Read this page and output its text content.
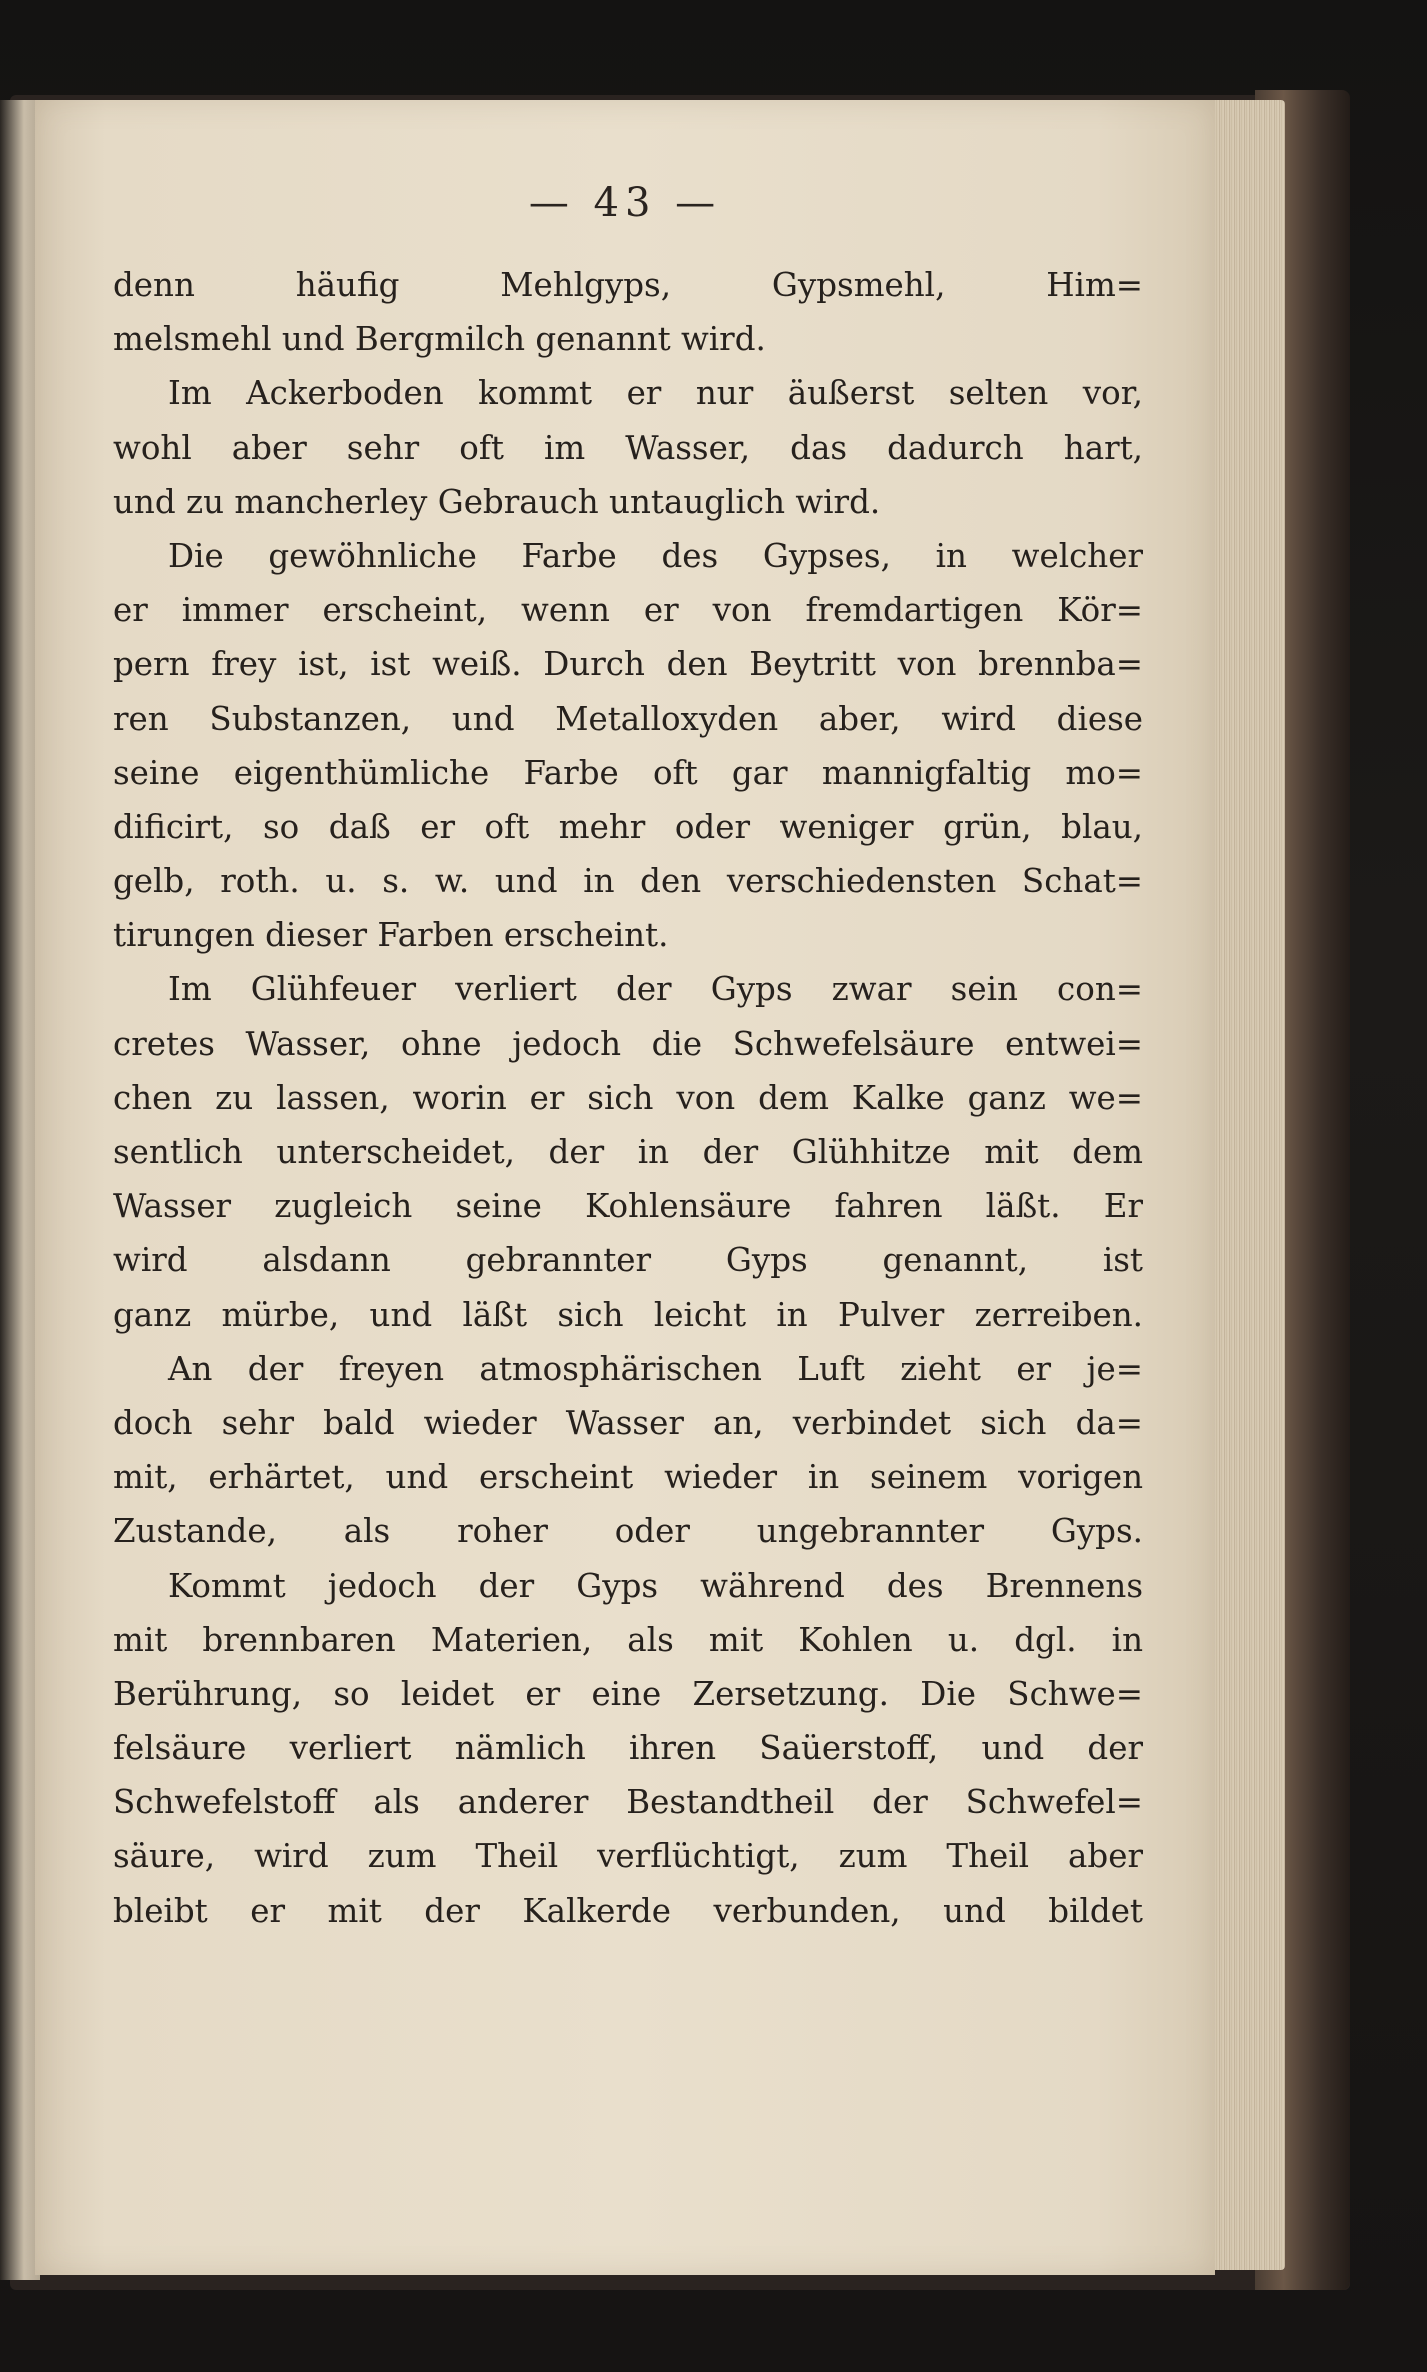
— 43 —
denn häufig Mehlgyps, Gypsmehl, Him=
melsmehl und Bergmilch genannt wird.
Im Ackerboden kommt er nur äußerst selten vor,
wohl aber sehr oft im Wasser, das dadurch hart,
und zu mancherley Gebrauch untauglich wird.
Die gewöhnliche Farbe des Gypses, in welcher
er immer erscheint, wenn er von fremdartigen Kör=
pern frey ist, ist weiß. Durch den Beytritt von brennba=
ren Substanzen, und Metalloxyden aber, wird diese
seine eigenthümliche Farbe oft gar mannigfaltig mo=
dificirt, so daß er oft mehr oder weniger grün, blau,
gelb, roth. u. s. w. und in den verschiedensten Schat=
tirungen dieser Farben erscheint.
Im Glühfeuer verliert der Gyps zwar sein con=
cretes Wasser, ohne jedoch die Schwefelsäure entwei=
chen zu lassen, worin er sich von dem Kalke ganz we=
sentlich unterscheidet, der in der Glühhitze mit dem
Wasser zugleich seine Kohlensäure fahren läßt. Er
wird alsdann gebrannter Gyps genannt, ist
ganz mürbe, und läßt sich leicht in Pulver zerreiben.
An der freyen atmosphärischen Luft zieht er je=
doch sehr bald wieder Wasser an, verbindet sich da=
mit, erhärtet, und erscheint wieder in seinem vorigen
Zustande, als roher oder ungebrannter Gyps.
Kommt jedoch der Gyps während des Brennens
mit brennbaren Materien, als mit Kohlen u. dgl. in
Berührung, so leidet er eine Zersetzung. Die Schwe=
felsäure verliert nämlich ihren Saüerstoff, und der
Schwefelstoff als anderer Bestandtheil der Schwefel=
säure, wird zum Theil verflüchtigt, zum Theil aber
bleibt er mit der Kalkerde verbunden, und bildet
